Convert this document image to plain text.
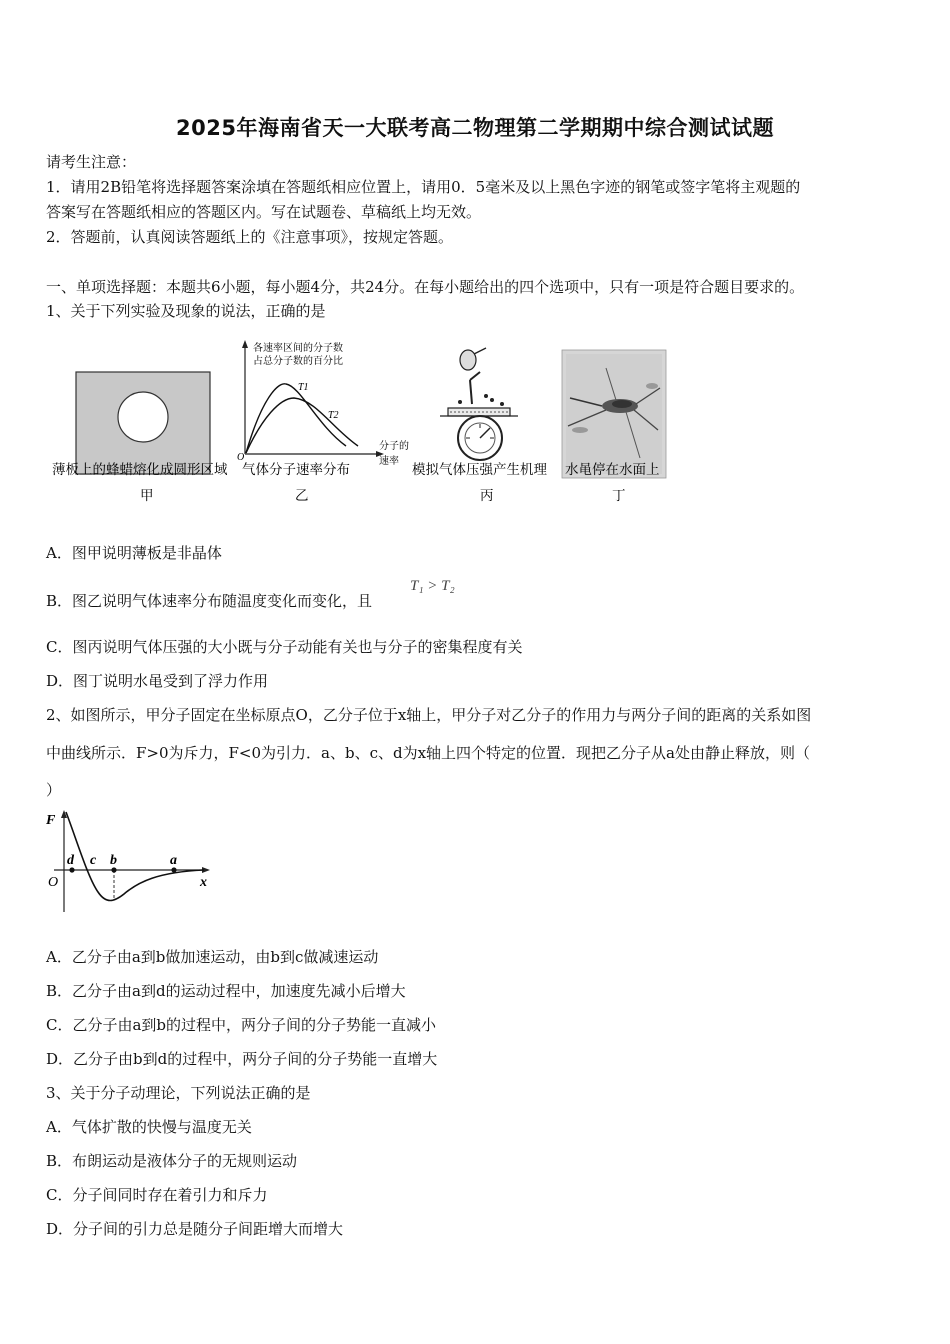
2025年海南省天一大联考高二物理第二学期期中综合测试试题
请考生注意：
1．请用2B铅笔将选择题答案涂填在答题纸相应位置上，请用0．5毫米及以上黑色字迹的钢笔或签字笔将主观题的
答案写在答题纸相应的答题区内。写在试题卷、草稿纸上均无效。
2．答题前，认真阅读答题纸上的《注意事项》，按规定答题。
一、单项选择题：本题共6小题，每小题4分，共24分。在每小题给出的四个选项中，只有一项是符合题目要求的。
1、关于下列实验及现象的说法，正确的是
各速率区间的分子数
占总分子数的百分比
分子的
速率
O
T1
T2
薄板上的蜂蜡熔化成圆形区域 气体分子速率分布	模拟气体压强产生机理 水黾停在水面上
甲	乙	丙	丁
A．图甲说明薄板是非晶体
B．图乙说明气体速率分布随温度变化而变化，且
T₁ > T₂
C．图丙说明气体压强的大小既与分子动能有关也与分子的密集程度有关
D．图丁说明水黾受到了浮力作用
2、如图所示，甲分子固定在坐标原点O，乙分子位于x轴上，甲分子对乙分子的作用力与两分子间的距离的关系如图
中曲线所示．F>0为斥力，F<0为引力．a、b、c、d为x轴上四个特定的位置．现把乙分子从a处由静止释放，则（
）
F
O	x
d c b	a
A．乙分子由a到b做加速运动，由b到c做减速运动
B．乙分子由a到d的运动过程中，加速度先减小后增大
C．乙分子由a到b的过程中，两分子间的分子势能一直减小
D．乙分子由b到d的过程中，两分子间的分子势能一直增大
3、关于分子动理论，下列说法正确的是
A．气体扩散的快慢与温度无关
B．布朗运动是液体分子的无规则运动
C．分子间同时存在着引力和斥力
D．分子间的引力总是随分子间距增大而增大
